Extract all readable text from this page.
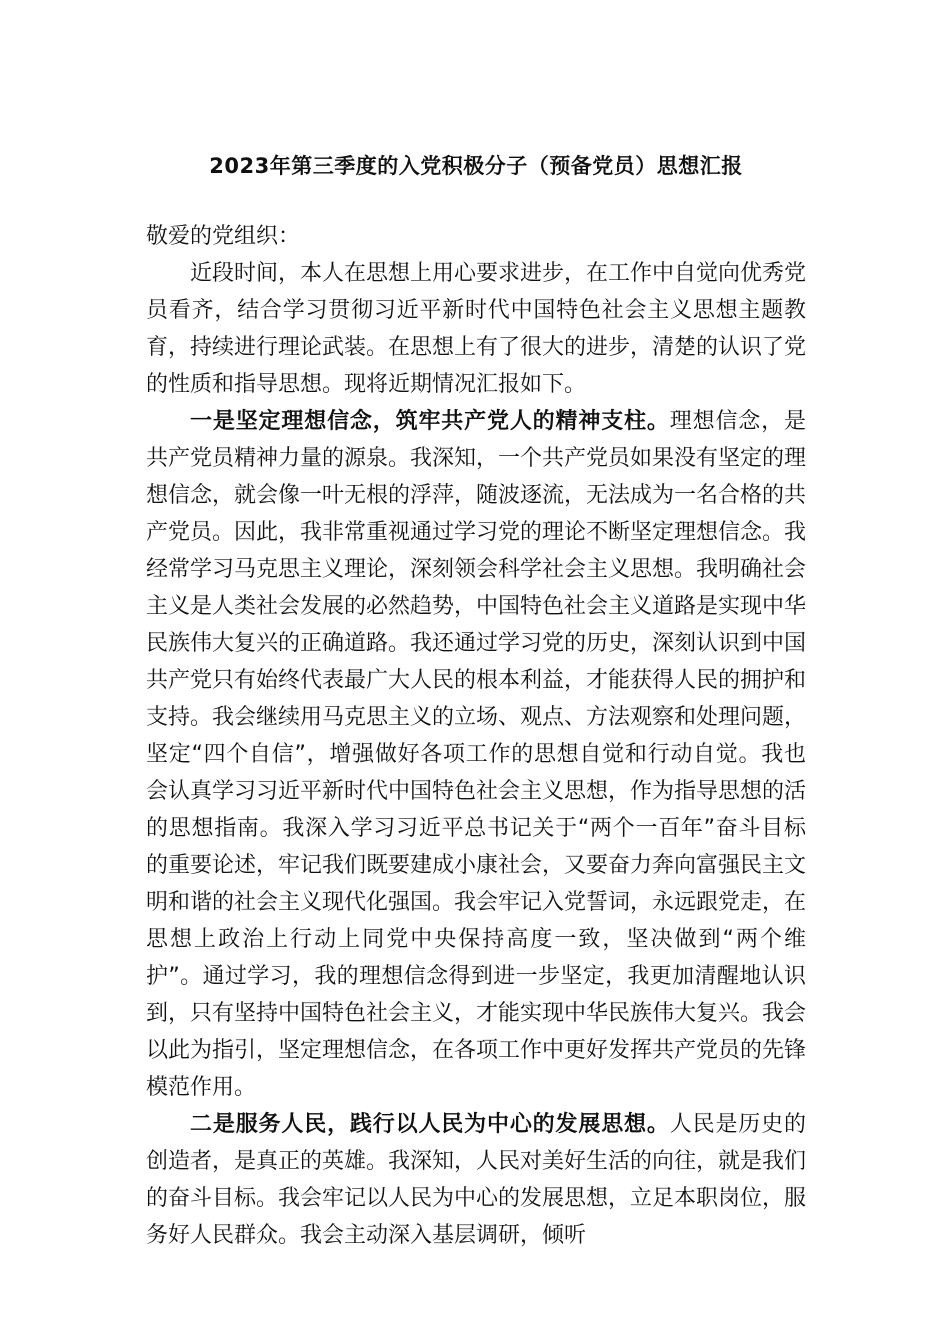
2023年第三季度的入党积极分子（预备党员）思想汇报

敬爱的党组织：

近段时间，本人在思想上用心要求进步，在工作中自觉向优秀党员看齐，结合学习贯彻习近平新时代中国特色社会主义思想主题教育，持续进行理论武装。在思想上有了很大的进步，清楚的认识了党的性质和指导思想。现将近期情况汇报如下。

一是坚定理想信念，筑牢共产党人的精神支柱。理想信念，是共产党员精神力量的源泉。我深知，一个共产党员如果没有坚定的理想信念，就会像一叶无根的浮萍，随波逐流，无法成为一名合格的共产党员。因此，我非常重视通过学习党的理论不断坚定理想信念。我经常学习马克思主义理论，深刻领会科学社会主义思想。我明确社会主义是人类社会发展的必然趋势，中国特色社会主义道路是实现中华民族伟大复兴的正确道路。我还通过学习党的历史，深刻认识到中国共产党只有始终代表最广大人民的根本利益，才能获得人民的拥护和支持。我会继续用马克思主义的立场、观点、方法观察和处理问题，坚定“四个自信”，增强做好各项工作的思想自觉和行动自觉。我也会认真学习习近平新时代中国特色社会主义思想，作为指导思想的活的思想指南。我深入学习习近平总书记关于“两个一百年”奋斗目标的重要论述，牢记我们既要建成小康社会，又要奋力奔向富强民主文明和谐的社会主义现代化强国。我会牢记入党誓词，永远跟党走，在思想上政治上行动上同党中央保持高度一致，坚决做到“两个维护”。通过学习，我的理想信念得到进一步坚定，我更加清醒地认识到，只有坚持中国特色社会主义，才能实现中华民族伟大复兴。我会以此为指引，坚定理想信念，在各项工作中更好发挥共产党员的先锋模范作用。

二是服务人民，践行以人民为中心的发展思想。人民是历史的创造者，是真正的英雄。我深知，人民对美好生活的向往，就是我们的奋斗目标。我会牢记以人民为中心的发展思想，立足本职岗位，服务好人民群众。我会主动深入基层调研，倾听
